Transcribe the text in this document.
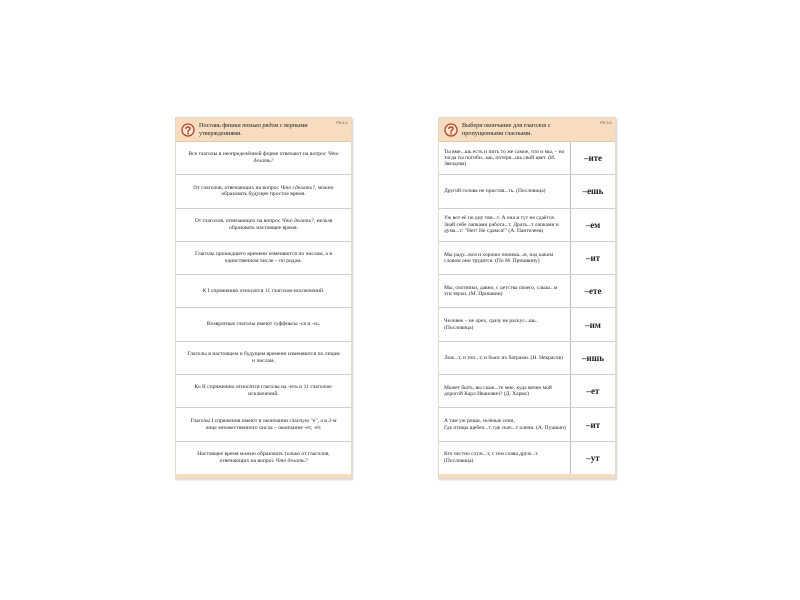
Поставь фишки только рядом с верными утверждениями.
РЗ.4.1

Все глаголы в неопределённой форме отвечают на вопрос Что делать?

От глаголов, отвечающих на вопрос Что сделать?, можно образовать будущее простое время.

От глаголов, отвечающих на вопрос Что делать?, нельзя образовать настоящее время.

Глаголы прошедшего времени изменяются по числам, а в единственном числе – по родам.

К I спряжению относятся 11 глаголов-исключений.

Возвратные глаголы имеют суффиксы -ся и -сь.

Глаголы в настоящем и будущем времени изменяются по лицам и числам.

Ко II спряжению относятся глаголы на -ить и 11 глаголов-исключений.

Глаголы I спряжения имеют в окончании гласную "е", а в 2-м лице множественного числа – окончание -ет, -ёт.

Настоящее время можно образовать только от глаголов, отвечающих на вопрос Что делать?

Выбери окончание для глаголов с пропущенными гласными.
РЗ.3.1
Ты вме...шь есть и пить то же самое, что и мы, – но тогда ты погибн...шь, потеря...шь свой цвет. (И. Звездова)
–ите
Другой голова не пристав...ть. (Пословица)	–ешь
Уж вот её по дну тян...т. А она и тут не сдаётся. Знай себе лапками работа...т. Драть...т лапками и дума...т: "Нет! Не сдамся!" (А. Пантелеев)
–ем
Мы раду...мся и хорошо понима...м, над каким словом они трудятся. (По М. Пришвину)	–ит
Мы, охотники, давно, с детства своего, слыш...м эти звуки. (М. Пришвин)	–ете
Человек – не орех, сразу не раскус...шь. (Пословица)	–им
Лож...т, и топ...т, и бьют их батрами. (Н. Некрасов)	–ишь
Может быть, вы скаж...те мне, куда вечно мой дорогой Карл Иванович? (Д. Хармс)	–ет
А там уж рощи, зелёные сени,
Где птицы щебеч...т, где скач...т олени. (А. Пушкин)	–ит
Кто честно служ...т, с тем слава друж...т. (Пословица)	–ут
